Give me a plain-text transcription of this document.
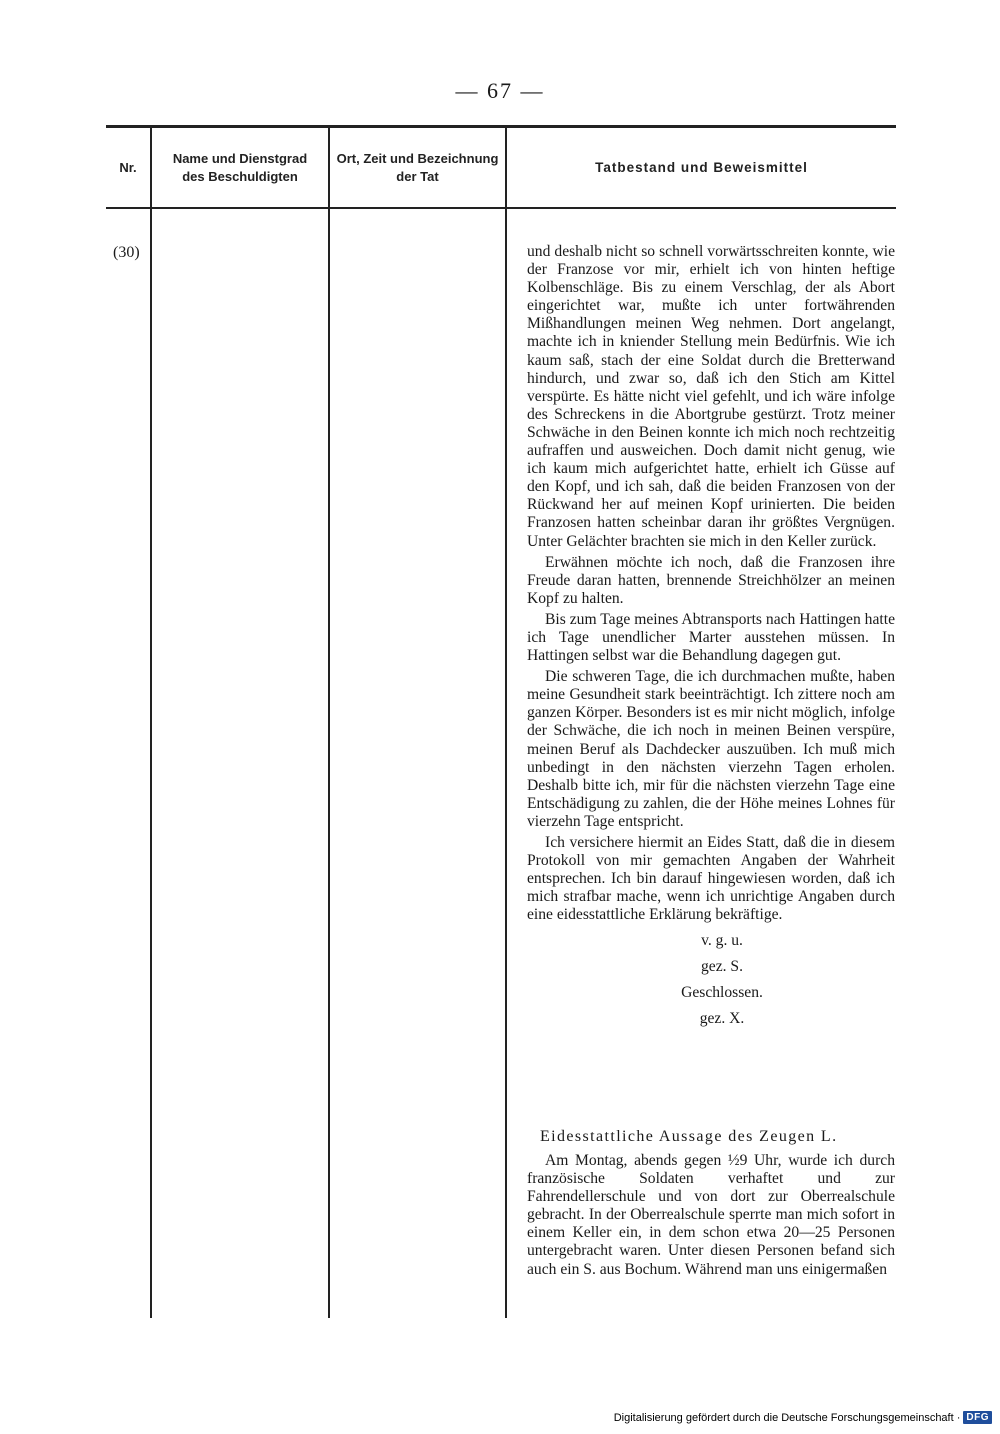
— 67 —
Nr.
Name und Dienstgrad
des Beschuldigten
Ort, Zeit und Bezeichnung
der Tat
Tatbestand und Beweismittel
(30)	und deshalb nicht so schnell vorwärtsschreiten konnte, wie der Franzose vor mir, erhielt ich von hinten heftige Kolbenschläge. Bis zu einem Verschlag, der als Abort eingerichtet war, mußte ich unter fortwährenden Mißhandlungen meinen Weg nehmen. Dort angelangt, machte ich in kniender Stellung mein Bedürfnis. Wie ich kaum saß, stach der eine Soldat durch die Bretterwand hindurch, und zwar so, daß ich den Stich am Kittel verspürte. Es hätte nicht viel gefehlt, und ich wäre infolge des Schreckens in die Abortgrube gestürzt. Trotz meiner Schwäche in den Beinen konnte ich mich noch rechtzeitig aufraffen und ausweichen. Doch damit nicht genug, wie ich kaum mich aufgerichtet hatte, erhielt ich Güsse auf den Kopf, und ich sah, daß die beiden Franzosen von der Rückwand her auf meinen Kopf urinierten. Die beiden Franzosen hatten scheinbar daran ihr größtes Vergnügen. Unter Gelächter brachten sie mich in den Keller zurück.

Erwähnen möchte ich noch, daß die Franzosen ihre Freude daran hatten, brennende Streichhölzer an meinen Kopf zu halten.

Bis zum Tage meines Abtransports nach Hattingen hatte ich Tage unendlicher Marter ausstehen müssen. In Hattingen selbst war die Behandlung dagegen gut.

Die schweren Tage, die ich durchmachen mußte, haben meine Gesundheit stark beeinträchtigt. Ich zittere noch am ganzen Körper. Besonders ist es mir nicht möglich, infolge der Schwäche, die ich noch in meinen Beinen verspüre, meinen Beruf als Dachdecker auszuüben. Ich muß mich unbedingt in den nächsten vierzehn Tagen erholen. Deshalb bitte ich, mir für die nächsten vierzehn Tage eine Entschädigung zu zahlen, die der Höhe meines Lohnes für vierzehn Tage entspricht.

Ich versichere hiermit an Eides Statt, daß die in diesem Protokoll von mir gemachten Angaben der Wahrheit entsprechen. Ich bin darauf hingewiesen worden, daß ich mich strafbar mache, wenn ich unrichtige Angaben durch eine eidesstattliche Erklärung bekräftige.

v. g. u.

gez. S.

Geschlossen.

gez. X.

Eidesstattliche Aussage des Zeugen L.

Am Montag, abends gegen ½9 Uhr, wurde ich durch französische Soldaten verhaftet und zur Fahrendellerschule und von dort zur Oberrealschule gebracht. In der Oberrealschule sperrte man mich sofort in einem Keller ein, in dem schon etwa 20—25 Personen untergebracht waren. Unter diesen Personen befand sich auch ein S. aus Bochum. Während man uns einigermaßen

Digitalisierung gefördert durch die Deutsche Forschungsgemeinschaft · DFG
